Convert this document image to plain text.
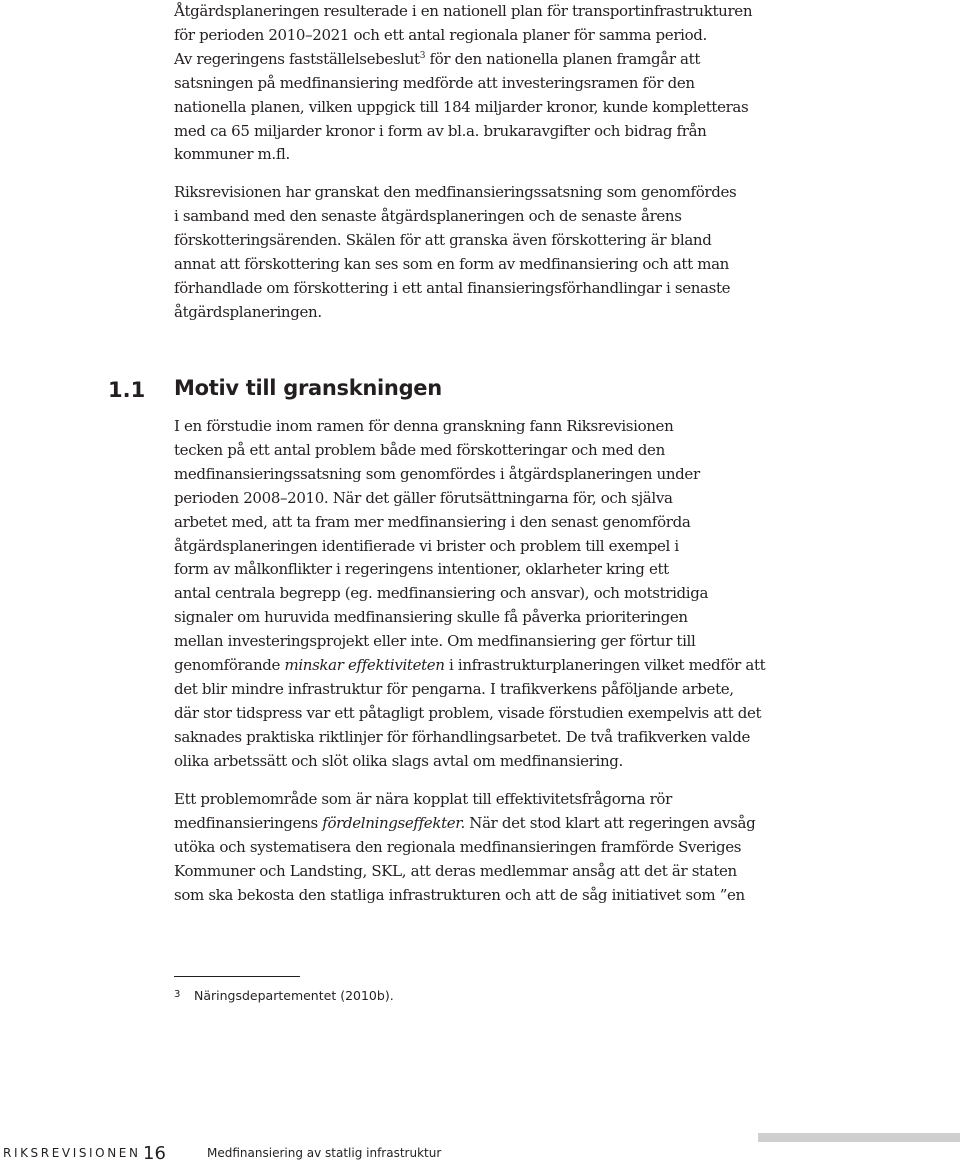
Åtgärdsplaneringen resulterade i en nationell plan för transportinfrastrukturen
för perioden 2010–2021 och ett antal regionala planer för samma period.
Av regeringens fastställelsebeslut$^3$ för den nationella planen framgår att
satsningen på medfinansiering medförde att investeringsramen för den
nationella planen, vilken uppgick till 184 miljarder kronor, kunde kompletteras
med ca 65 miljarder kronor i form av bl.a. brukaravgifter och bidrag från
kommuner m.fl.

Riksrevisionen har granskat den medfinansieringssatsning som genomfördes
i samband med den senaste åtgärdsplaneringen och de senaste årens
förskotteringsärenden. Skälen för att granska även förskottering är bland
annat att förskottering kan ses som en form av medfinansiering och att man
förhandlade om förskottering i ett antal finansieringsförhandlingar i senaste
åtgärdsplaneringen.

1.1 Motiv till granskningen

I en förstudie inom ramen för denna granskning fann Riksrevisionen
tecken på ett antal problem både med förskotteringar och med den
medfinansieringssatsning som genomfördes i åtgärdsplaneringen under
perioden 2008–2010. När det gäller förutsättningarna för, och själva
arbetet med, att ta fram mer medfinansiering i den senast genomförda
åtgärdsplaneringen identifierade vi brister och problem till exempel i
form av målkonflikter i regeringens intentioner, oklarheter kring ett
antal centrala begrepp (eg. medfinansiering och ansvar), och motstridiga
signaler om huruvida medfinansiering skulle få påverka prioriteringen
mellan investeringsprojekt eller inte. Om medfinansiering ger förtur till
genomförande minskar effektiviteten i infrastrukturplaneringen vilket medför att
det blir mindre infrastruktur för pengarna. I trafikverkens påföljande arbete,
där stor tidspress var ett påtagligt problem, visade förstudien exempelvis att det
saknades praktiska riktlinjer för förhandlingsarbetet. De två trafikverken valde
olika arbetssätt och slöt olika slags avtal om medfinansiering.

Ett problemområde som är nära kopplat till effektivitetsfrågorna rör
medfinansieringens fördelningseffekter. När det stod klart att regeringen avsåg
utöka och systematisera den regionala medfinansieringen framförde Sveriges
Kommuner och Landsting, SKL, att deras medlemmar ansåg att det är staten
som ska bekosta den statliga infrastrukturen och att de såg initiativet som ”en

3 Näringsdepartementet (2010b).

RIKSREVISIONEN 16	Medfinansiering av statlig infrastruktur
